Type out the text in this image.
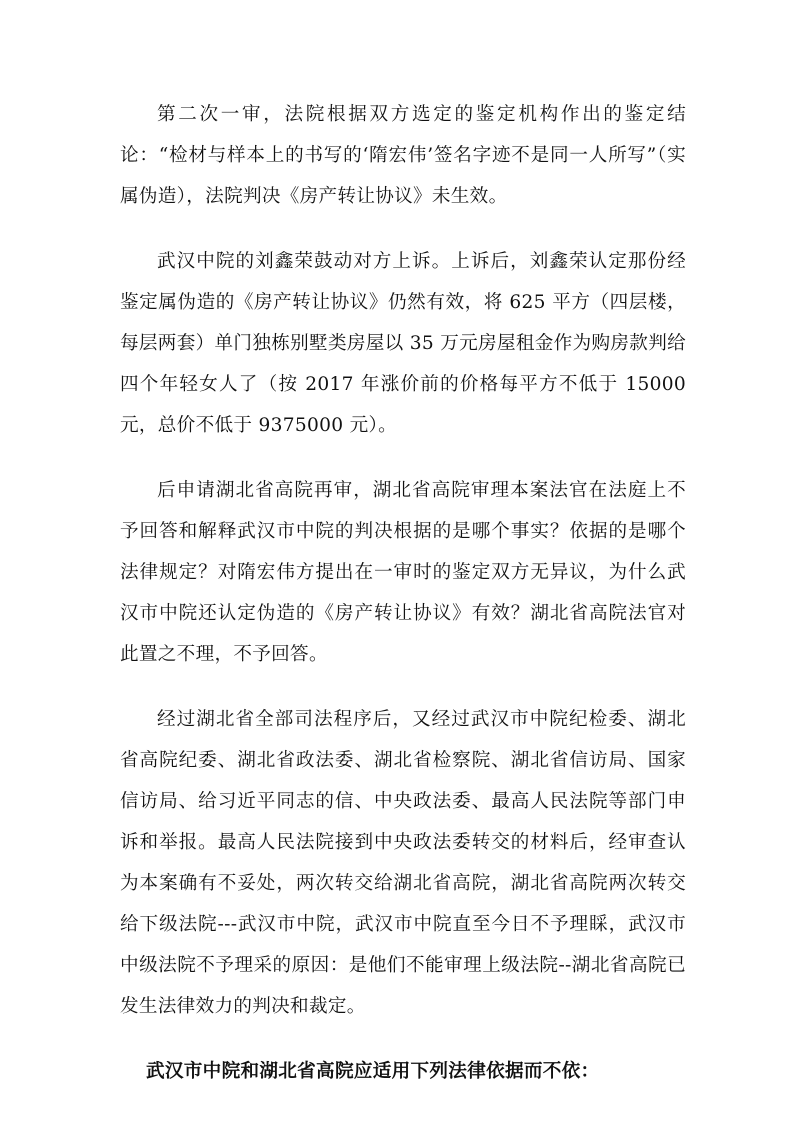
第二次一审，法院根据双方选定的鉴定机构作出的鉴定结论：“检材与样本上的书写的‘隋宏伟’签名字迹不是同一人所写”（实属伪造），法院判决《房产转让协议》未生效。

武汉中院的刘鑫荣鼓动对方上诉。上诉后，刘鑫荣认定那份经鉴定属伪造的《房产转让协议》仍然有效，将 625 平方（四层楼，每层两套）单门独栋别墅类房屋以 35 万元房屋租金作为购房款判给四个年轻女人了（按 2017 年涨价前的价格每平方不低于 15000 元，总价不低于 9375000 元）。

后申请湖北省高院再审，湖北省高院审理本案法官在法庭上不予回答和解释武汉市中院的判决根据的是哪个事实？依据的是哪个法律规定？对隋宏伟方提出在一审时的鉴定双方无异议，为什么武汉市中院还认定伪造的《房产转让协议》有效？湖北省高院法官对此置之不理，不予回答。

经过湖北省全部司法程序后，又经过武汉市中院纪检委、湖北省高院纪委、湖北省政法委、湖北省检察院、湖北省信访局、国家信访局、给习近平同志的信、中央政法委、最高人民法院等部门申诉和举报。最高人民法院接到中央政法委转交的材料后，经审查认为本案确有不妥处，两次转交给湖北省高院，湖北省高院两次转交给下级法院---武汉市中院，武汉市中院直至今日不予理睬，武汉市中级法院不予理采的原因：是他们不能审理上级法院--湖北省高院已发生法律效力的判决和裁定。

武汉市中院和湖北省高院应适用下列法律依据而不依：
